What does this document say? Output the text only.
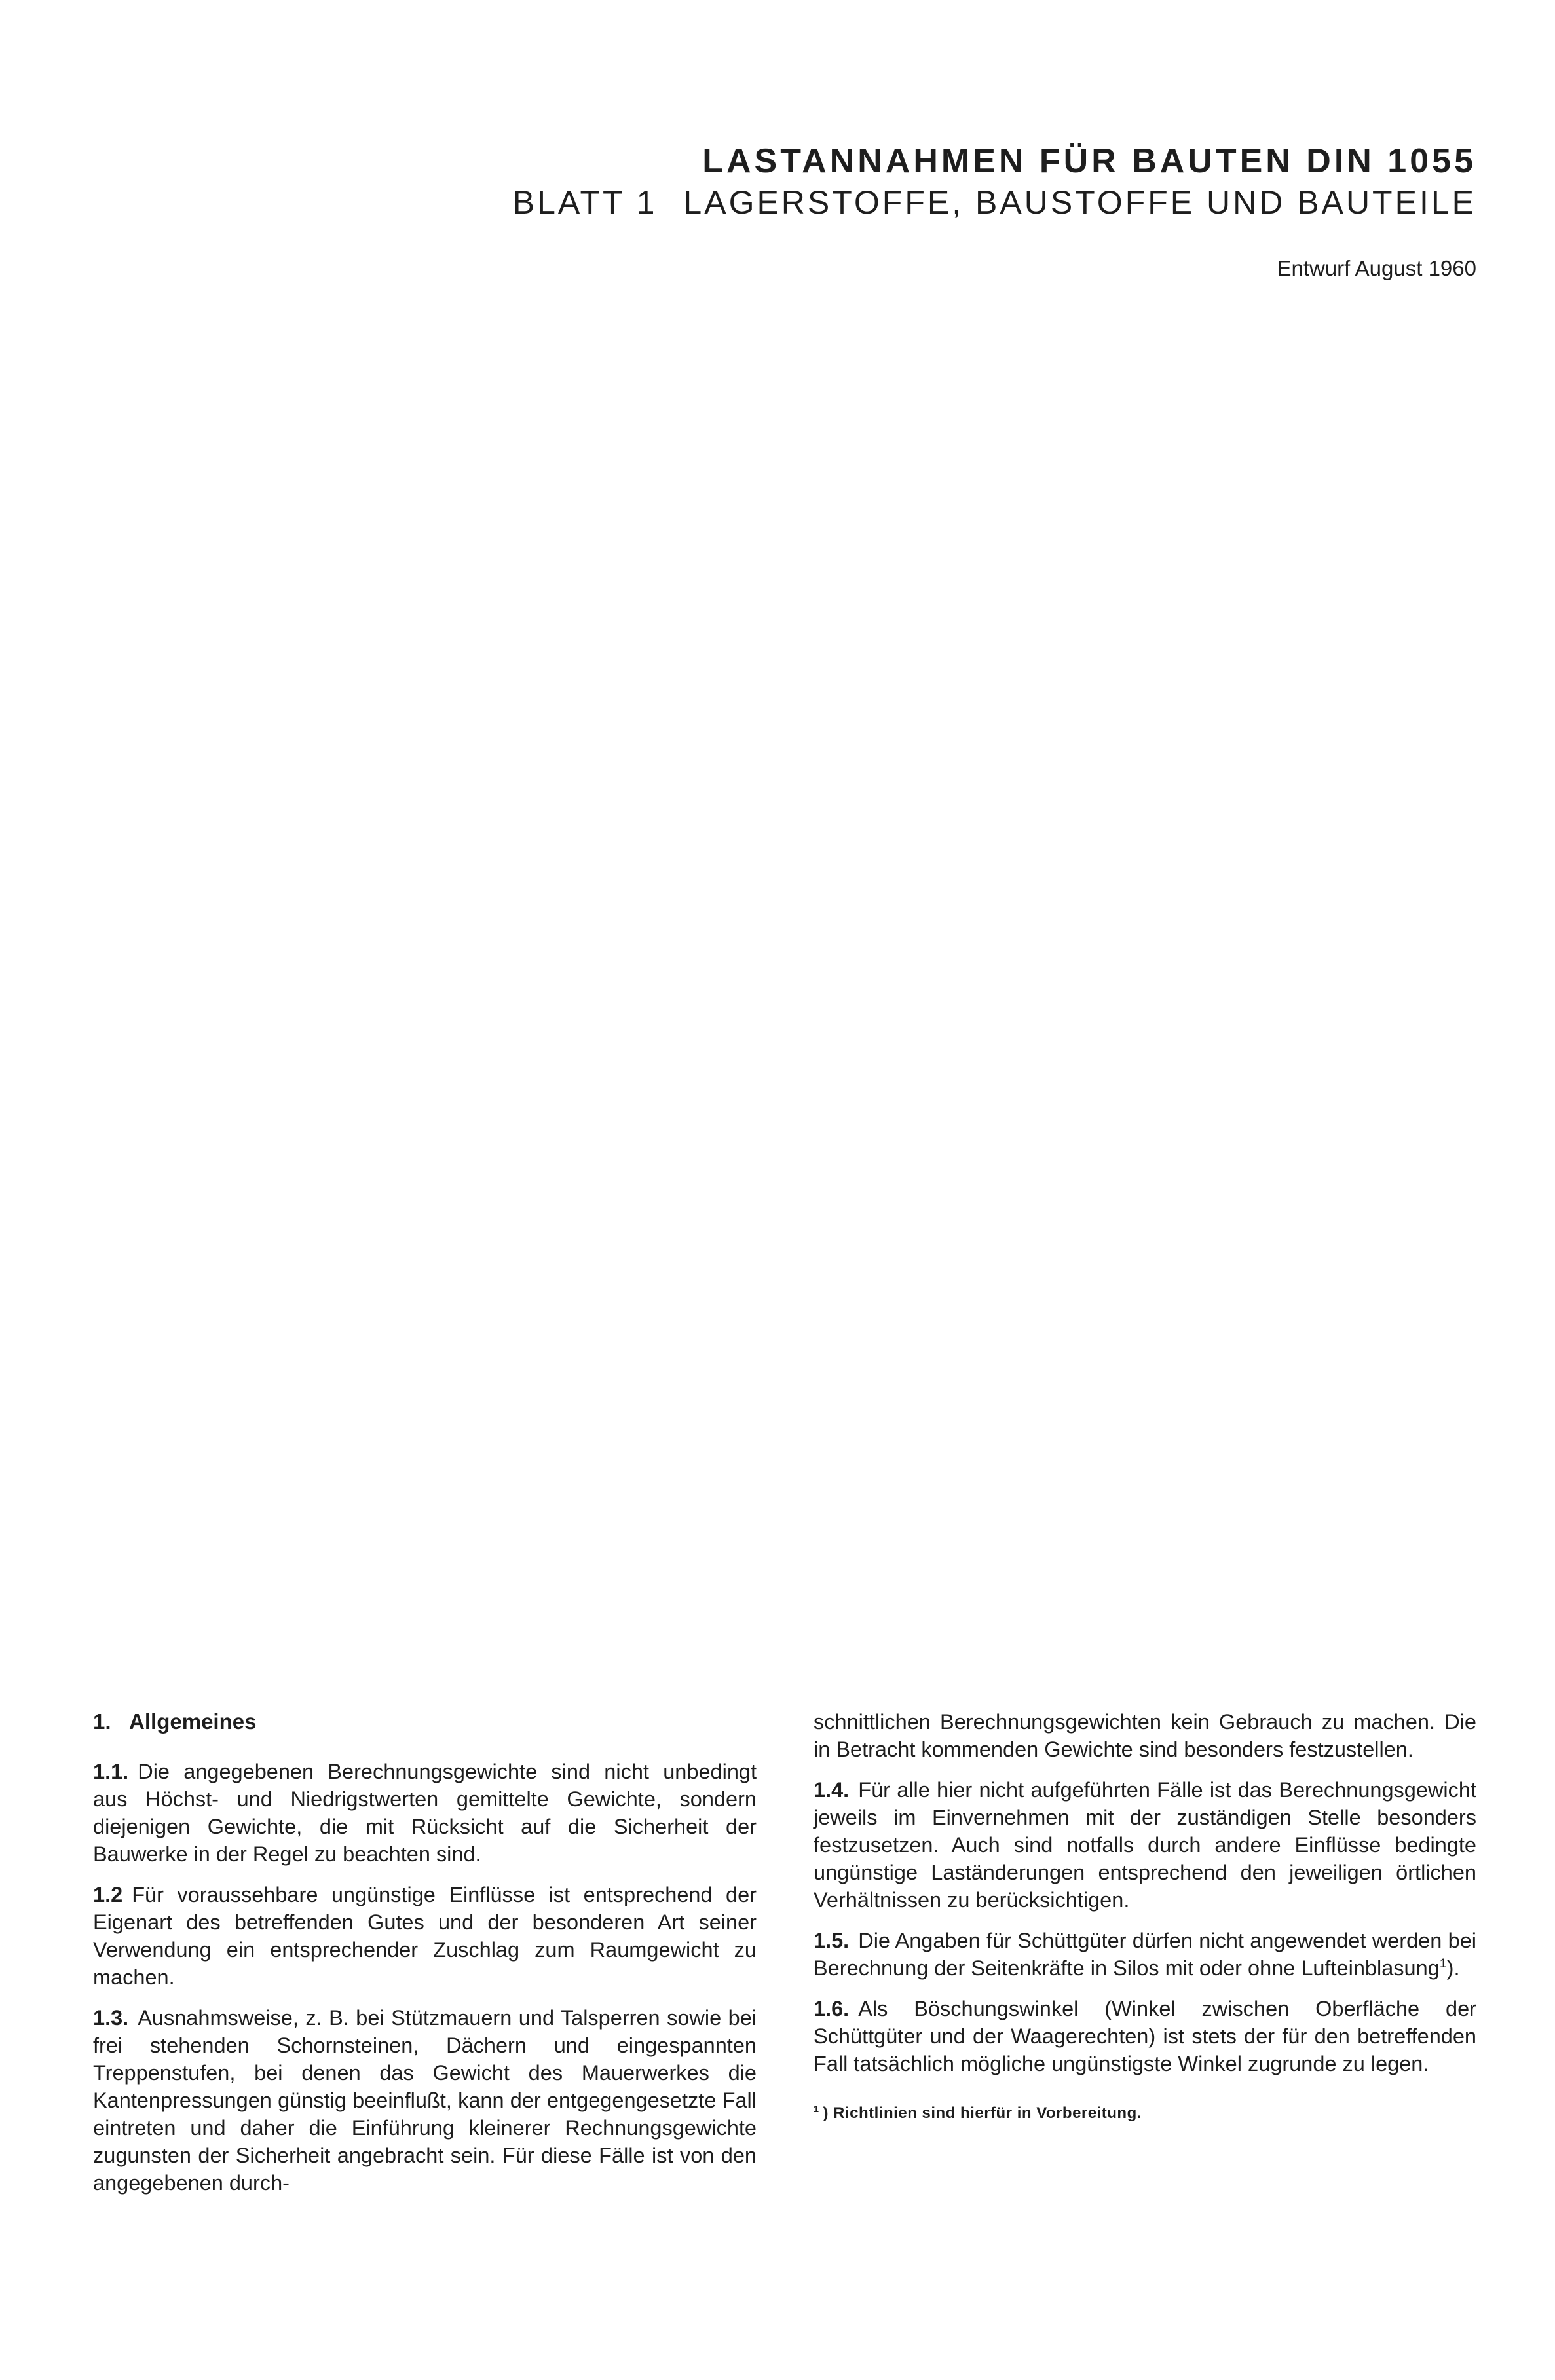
LASTANNAHMEN FÜR BAUTEN DIN 1055
BLATT 1 LAGERSTOFFE, BAUSTOFFE UND BAUTEILE
Entwurf August 1960
1. Allgemeines

1.1. Die angegebenen Berechnungsgewichte sind nicht unbedingt aus Höchst- und Niedrigstwerten gemittelte Gewichte, sondern diejenigen Gewichte, die mit Rücksicht auf die Sicherheit der Bauwerke in der Regel zu beachten sind.

1.2 Für voraussehbare ungünstige Einflüsse ist entsprechend der Eigenart des betreffenden Gutes und der besonderen Art seiner Verwendung ein entsprechender Zuschlag zum Raumgewicht zu machen.

1.3. Ausnahmsweise, z. B. bei Stützmauern und Talsperren sowie bei frei stehenden Schornsteinen, Dächern und eingespannten Treppenstufen, bei denen das Gewicht des Mauerwerkes die Kantenpressungen günstig beeinflußt, kann der entgegengesetzte Fall eintreten und daher die Einführung kleinerer Rechnungsgewichte zugunsten der Sicherheit angebracht sein. Für diese Fälle ist von den angegebenen durch-

schnittlichen Berechnungsgewichten kein Gebrauch zu machen. Die in Betracht kommenden Gewichte sind besonders festzustellen.

1.4. Für alle hier nicht aufgeführten Fälle ist das Berechnungsgewicht jeweils im Einvernehmen mit der zuständigen Stelle besonders festzusetzen. Auch sind notfalls durch andere Einflüsse bedingte ungünstige Laständerungen entsprechend den jeweiligen örtlichen Verhältnissen zu berücksichtigen.

1.5. Die Angaben für Schüttgüter dürfen nicht angewendet werden bei Berechnung der Seitenkräfte in Silos mit oder ohne Lufteinblasung$^1$).

1.6. Als Böschungswinkel (Winkel zwischen Oberfläche der Schüttgüter und der Waagerechten) ist stets der für den betreffenden Fall tatsächlich mögliche ungünstigste Winkel zugrunde zu legen.

$^1$ ) Richtlinien sind hierfür in Vorbereitung.
